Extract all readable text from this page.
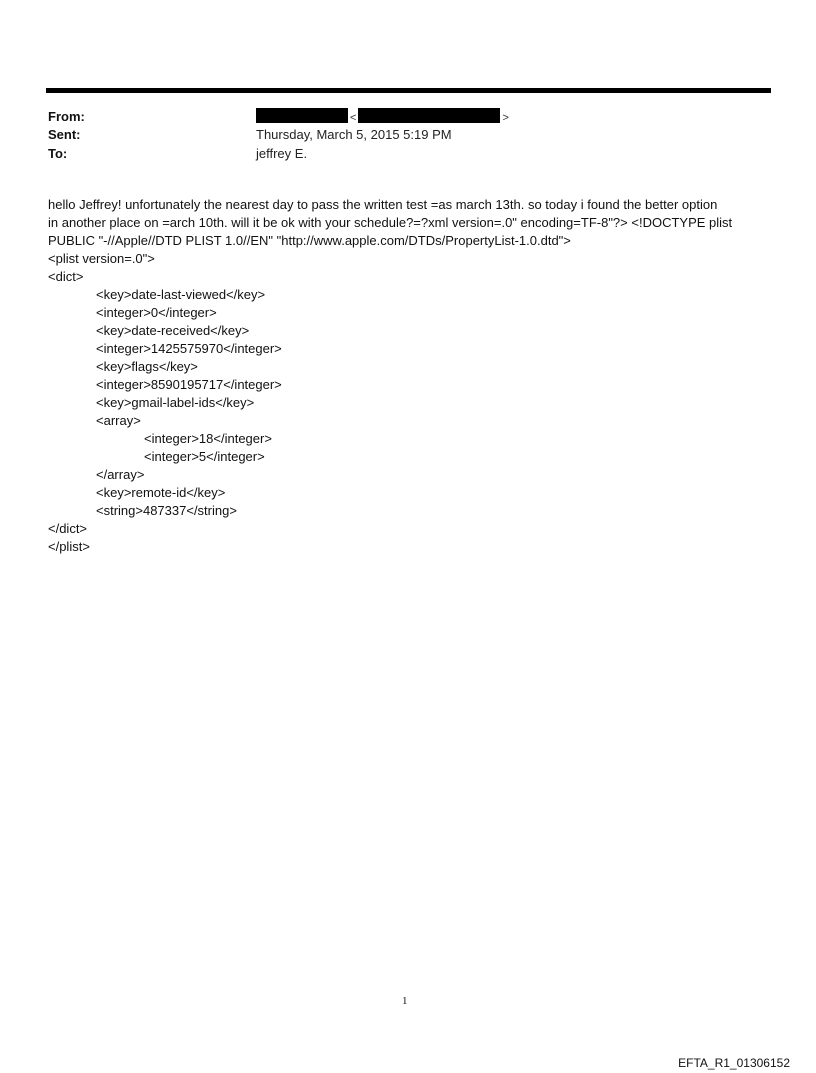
From:	<	>
Sent:	Thursday, March 5, 2015 5:19 PM
To:	jeffrey E.
hello Jeffrey! unfortunately the nearest day to pass the written test =as march 13th. so today i found the better option
in another place on =arch 10th. will it be ok with your schedule?=?xml version=.0" encoding=TF-8"?> <!DOCTYPE plist
PUBLIC "-//Apple//DTD PLIST 1.0//EN" "http://www.apple.com/DTDs/PropertyList-1.0.dtd">
<plist version=.0">
<dict>
<key>date-last-viewed</key>
<integer>0</integer>
<key>date-received</key>
<integer>1425575970</integer>
<key>flags</key>
<integer>8590195717</integer>
<key>gmail-label-ids</key>
<array>
<integer>18</integer>
<integer>5</integer>
</array>
<key>remote-id</key>
<string>487337</string>
</dict>
</plist>
1
EFTA_R1_01306152
